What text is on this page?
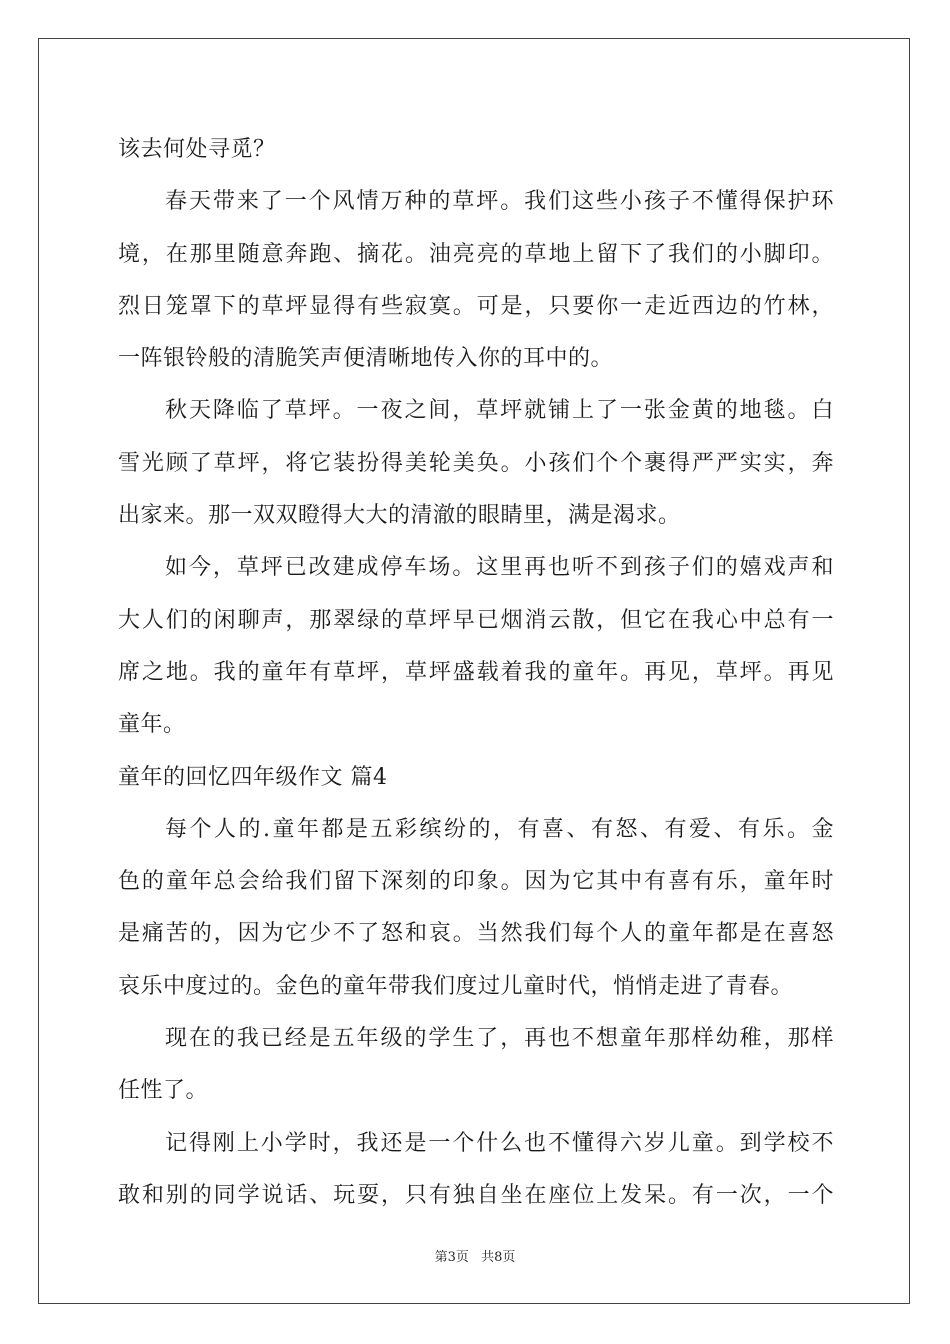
该去何处寻觅？
春天带来了一个风情万种的草坪。我们这些小孩子不懂得保护环
境，在那里随意奔跑、摘花。油亮亮的草地上留下了我们的小脚印。
烈日笼罩下的草坪显得有些寂寞。可是，只要你一走近西边的竹林，
一阵银铃般的清脆笑声便清晰地传入你的耳中的。
秋天降临了草坪。一夜之间，草坪就铺上了一张金黄的地毯。白
雪光顾了草坪，将它装扮得美轮美奂。小孩们个个裹得严严实实，奔
出家来。那一双双瞪得大大的清澈的眼睛里，满是渴求。
如今，草坪已改建成停车场。这里再也听不到孩子们的嬉戏声和
大人们的闲聊声，那翠绿的草坪早已烟消云散，但它在我心中总有一
席之地。我的童年有草坪，草坪盛载着我的童年。再见，草坪。再见
童年。
童年的回忆四年级作文 篇4
每个人的.童年都是五彩缤纷的，有喜、有怒、有爱、有乐。金
色的童年总会给我们留下深刻的印象。因为它其中有喜有乐，童年时
是痛苦的，因为它少不了怒和哀。当然我们每个人的童年都是在喜怒
哀乐中度过的。金色的童年带我们度过儿童时代，悄悄走进了青春。
现在的我已经是五年级的学生了，再也不想童年那样幼稚，那样
任性了。
记得刚上小学时，我还是一个什么也不懂得六岁儿童。到学校不
敢和别的同学说话、玩耍，只有独自坐在座位上发呆。有一次，一个
第3页 共8页
